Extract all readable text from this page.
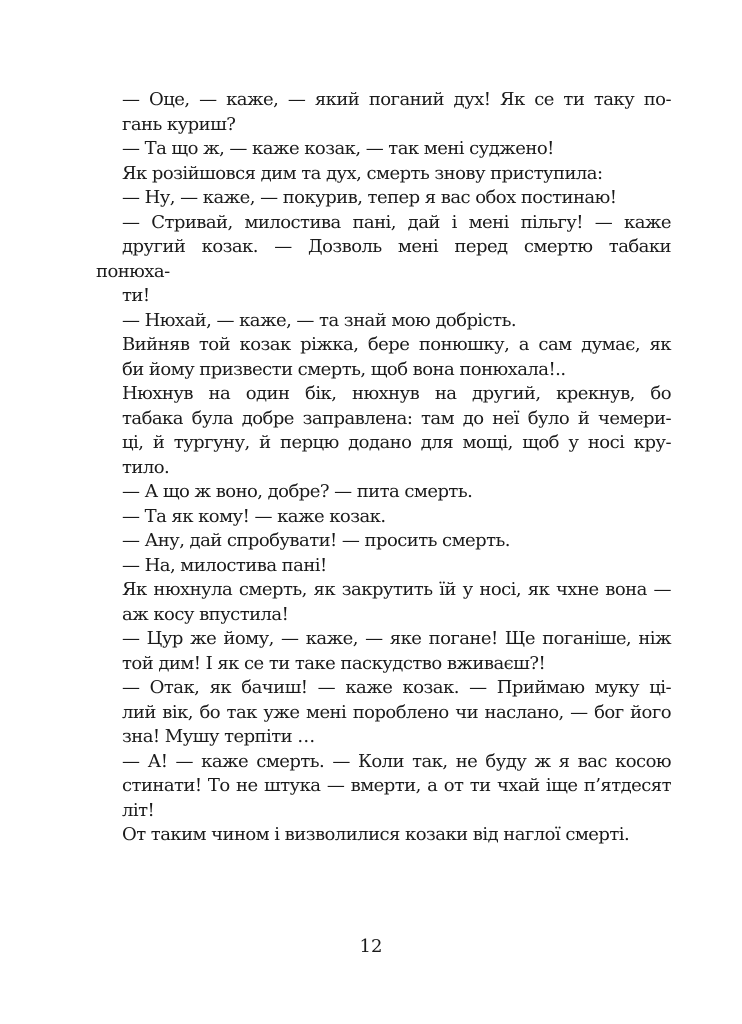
— Оце, — каже, — який поганий дух! Як се ти таку по-
гань куриш?

— Та що ж, — каже козак, — так мені суджено!

Як розійшовся дим та дух, смерть знову приступила:

— Ну, — каже, — покурив, тепер я вас обох постинаю!

— Стривай, милостива пані, дай і мені пільгу! — каже
другий козак. — Дозволь мені перед смертю табаки понюха-
ти!

— Нюхай, — каже, — та знай мою добрість.

Вийняв той козак ріжка, бере понюшку, а сам думає, як
би йому призвести смерть, щоб вона понюхала!..

Нюхнув на один бік, нюхнув на другий, крекнув, бо
табака була добре заправлена: там до неї було й чемери-
ці, й тургуну, й перцю додано для мощі, щоб у носі кру-
тило.

— А що ж воно, добре? — пита смерть.

— Та як кому! — каже козак.

— Ану, дай спробувати! — просить смерть.

— На, милостива пані!

Як нюхнула смерть, як закрутить їй у носі, як чхне вона —
аж косу впустила!

— Цур же йому, — каже, — яке погане! Ще поганіше, ніж
той дим! І як се ти таке паскудство вживаєш?!

— Отак, як бачиш! — каже козак. — Приймаю муку ці-
лий вік, бо так уже мені пороблено чи наслано, — бог його
зна! Мушу терпіти …

— А! — каже смерть. — Коли так, не буду ж я вас косою
стинати! То не штука — вмерти, а от ти чхай іще п’ятдесят
літ!

От таким чином і визволилися козаки від наглої смерті.

12
